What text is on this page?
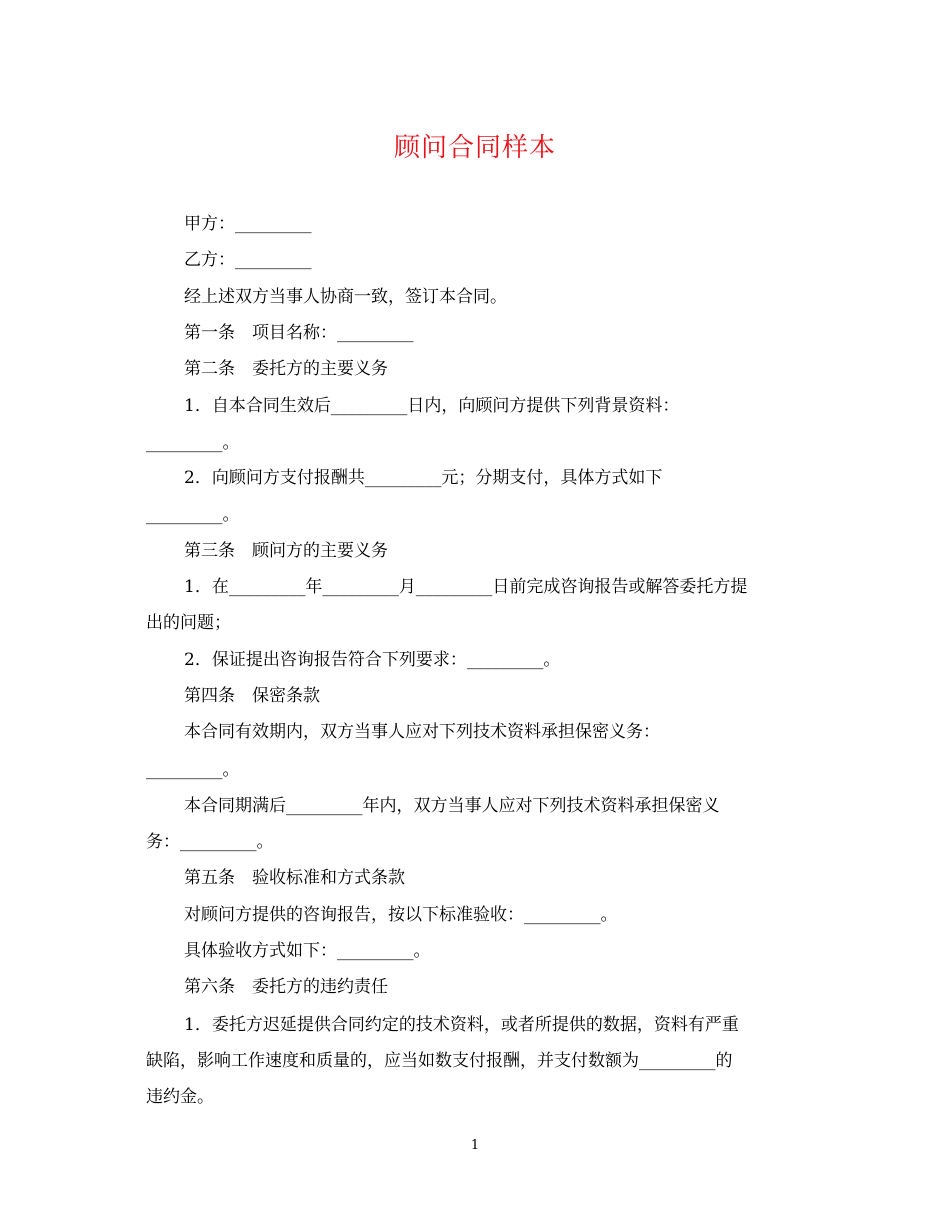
顾问合同样本
甲方：_________
乙方：_________
经上述双方当事人协商一致，签订本合同。
第一条　项目名称：_________
第二条　委托方的主要义务
1．自本合同生效后_________日内，向顾问方提供下列背景资料：
_________。
2．向顾问方支付报酬共_________元；分期支付，具体方式如下
_________。
第三条　顾问方的主要义务
1．在_________年_________月_________日前完成咨询报告或解答委托方提
出的问题；
2．保证提出咨询报告符合下列要求：_________。
第四条　保密条款
本合同有效期内，双方当事人应对下列技术资料承担保密义务：
_________。
本合同期满后_________年内，双方当事人应对下列技术资料承担保密义
务：_________。
第五条　验收标准和方式条款
对顾问方提供的咨询报告，按以下标准验收：_________。
具体验收方式如下：_________。
第六条　委托方的违约责任
1．委托方迟延提供合同约定的技术资料，或者所提供的数据，资料有严重
缺陷，影响工作速度和质量的，应当如数支付报酬，并支付数额为_________的
违约金。
1
